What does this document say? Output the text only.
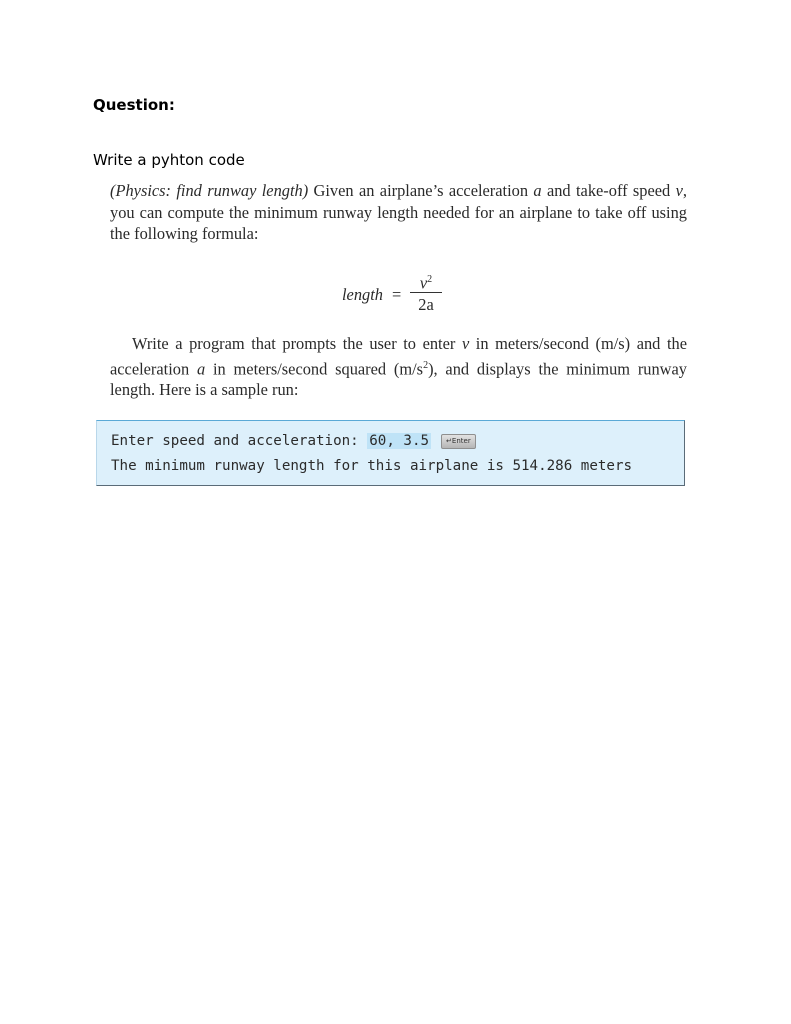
Question:
Write a pyhton code

(Physics: find runway length) Given an airplane’s acceleration a and take-off speed v, you can compute the minimum runway length needed for an airplane to take off using the following formula:

length =
$v^2$
2a

Write a program that prompts the user to enter v in meters/second (m/s) and the acceleration a in meters/second squared $(m/s^2)$, and displays the minimum runway length. Here is a sample run:

Enter speed and acceleration: 60, 3.5 ↵Enter
The minimum runway length for this airplane is 514.286 meters
